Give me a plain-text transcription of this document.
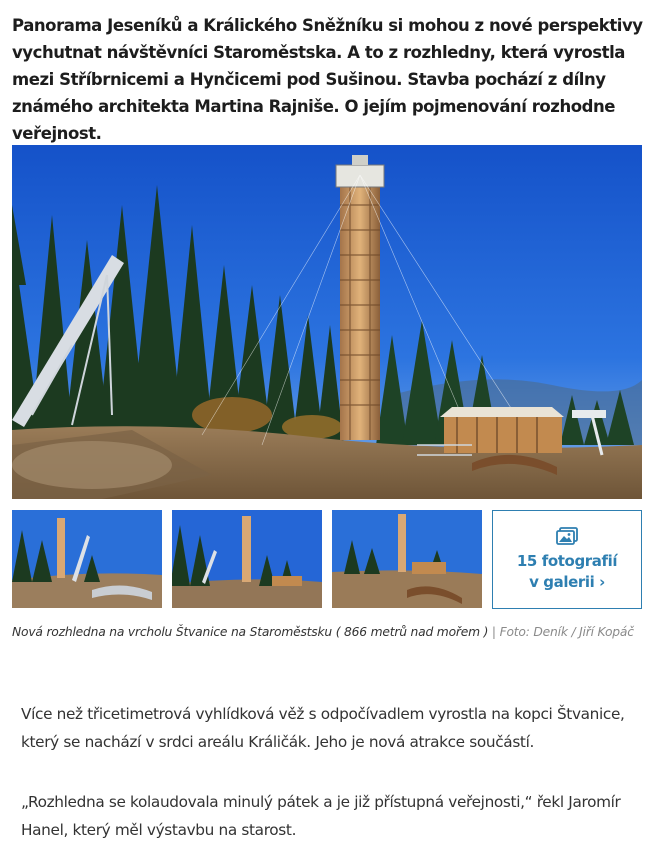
Panorama Jeseníků a Králického Sněžníku si mohou z nové perspektivy vychutnat návštěvníci Staroměstska. A to z rozhledny, která vyrostla mezi Stříbrnicemi a Hynčicemi pod Sušinou. Stavba pochází z dílny známého architekta Martina Rajniše. O jejím pojmenování rozhodne veřejnost.
15 fotografií
v galerii ›
Nová rozhledna na vrcholu Štvanice na Staroměstsku ( 866 metrů nad mořem ) | Foto: Deník / Jiří Kopáč

Více než třicetimetrová vyhlídková věž s odpočívadlem vyrostla na kopci Štvanice, který se nachází v srdci areálu Králičák. Jeho je nová atrakce součástí.

„Rozhledna se kolaudovala minulý pátek a je již přístupná veřejnosti,“ řekl Jaromír Hanel, který měl výstavbu na starost.
